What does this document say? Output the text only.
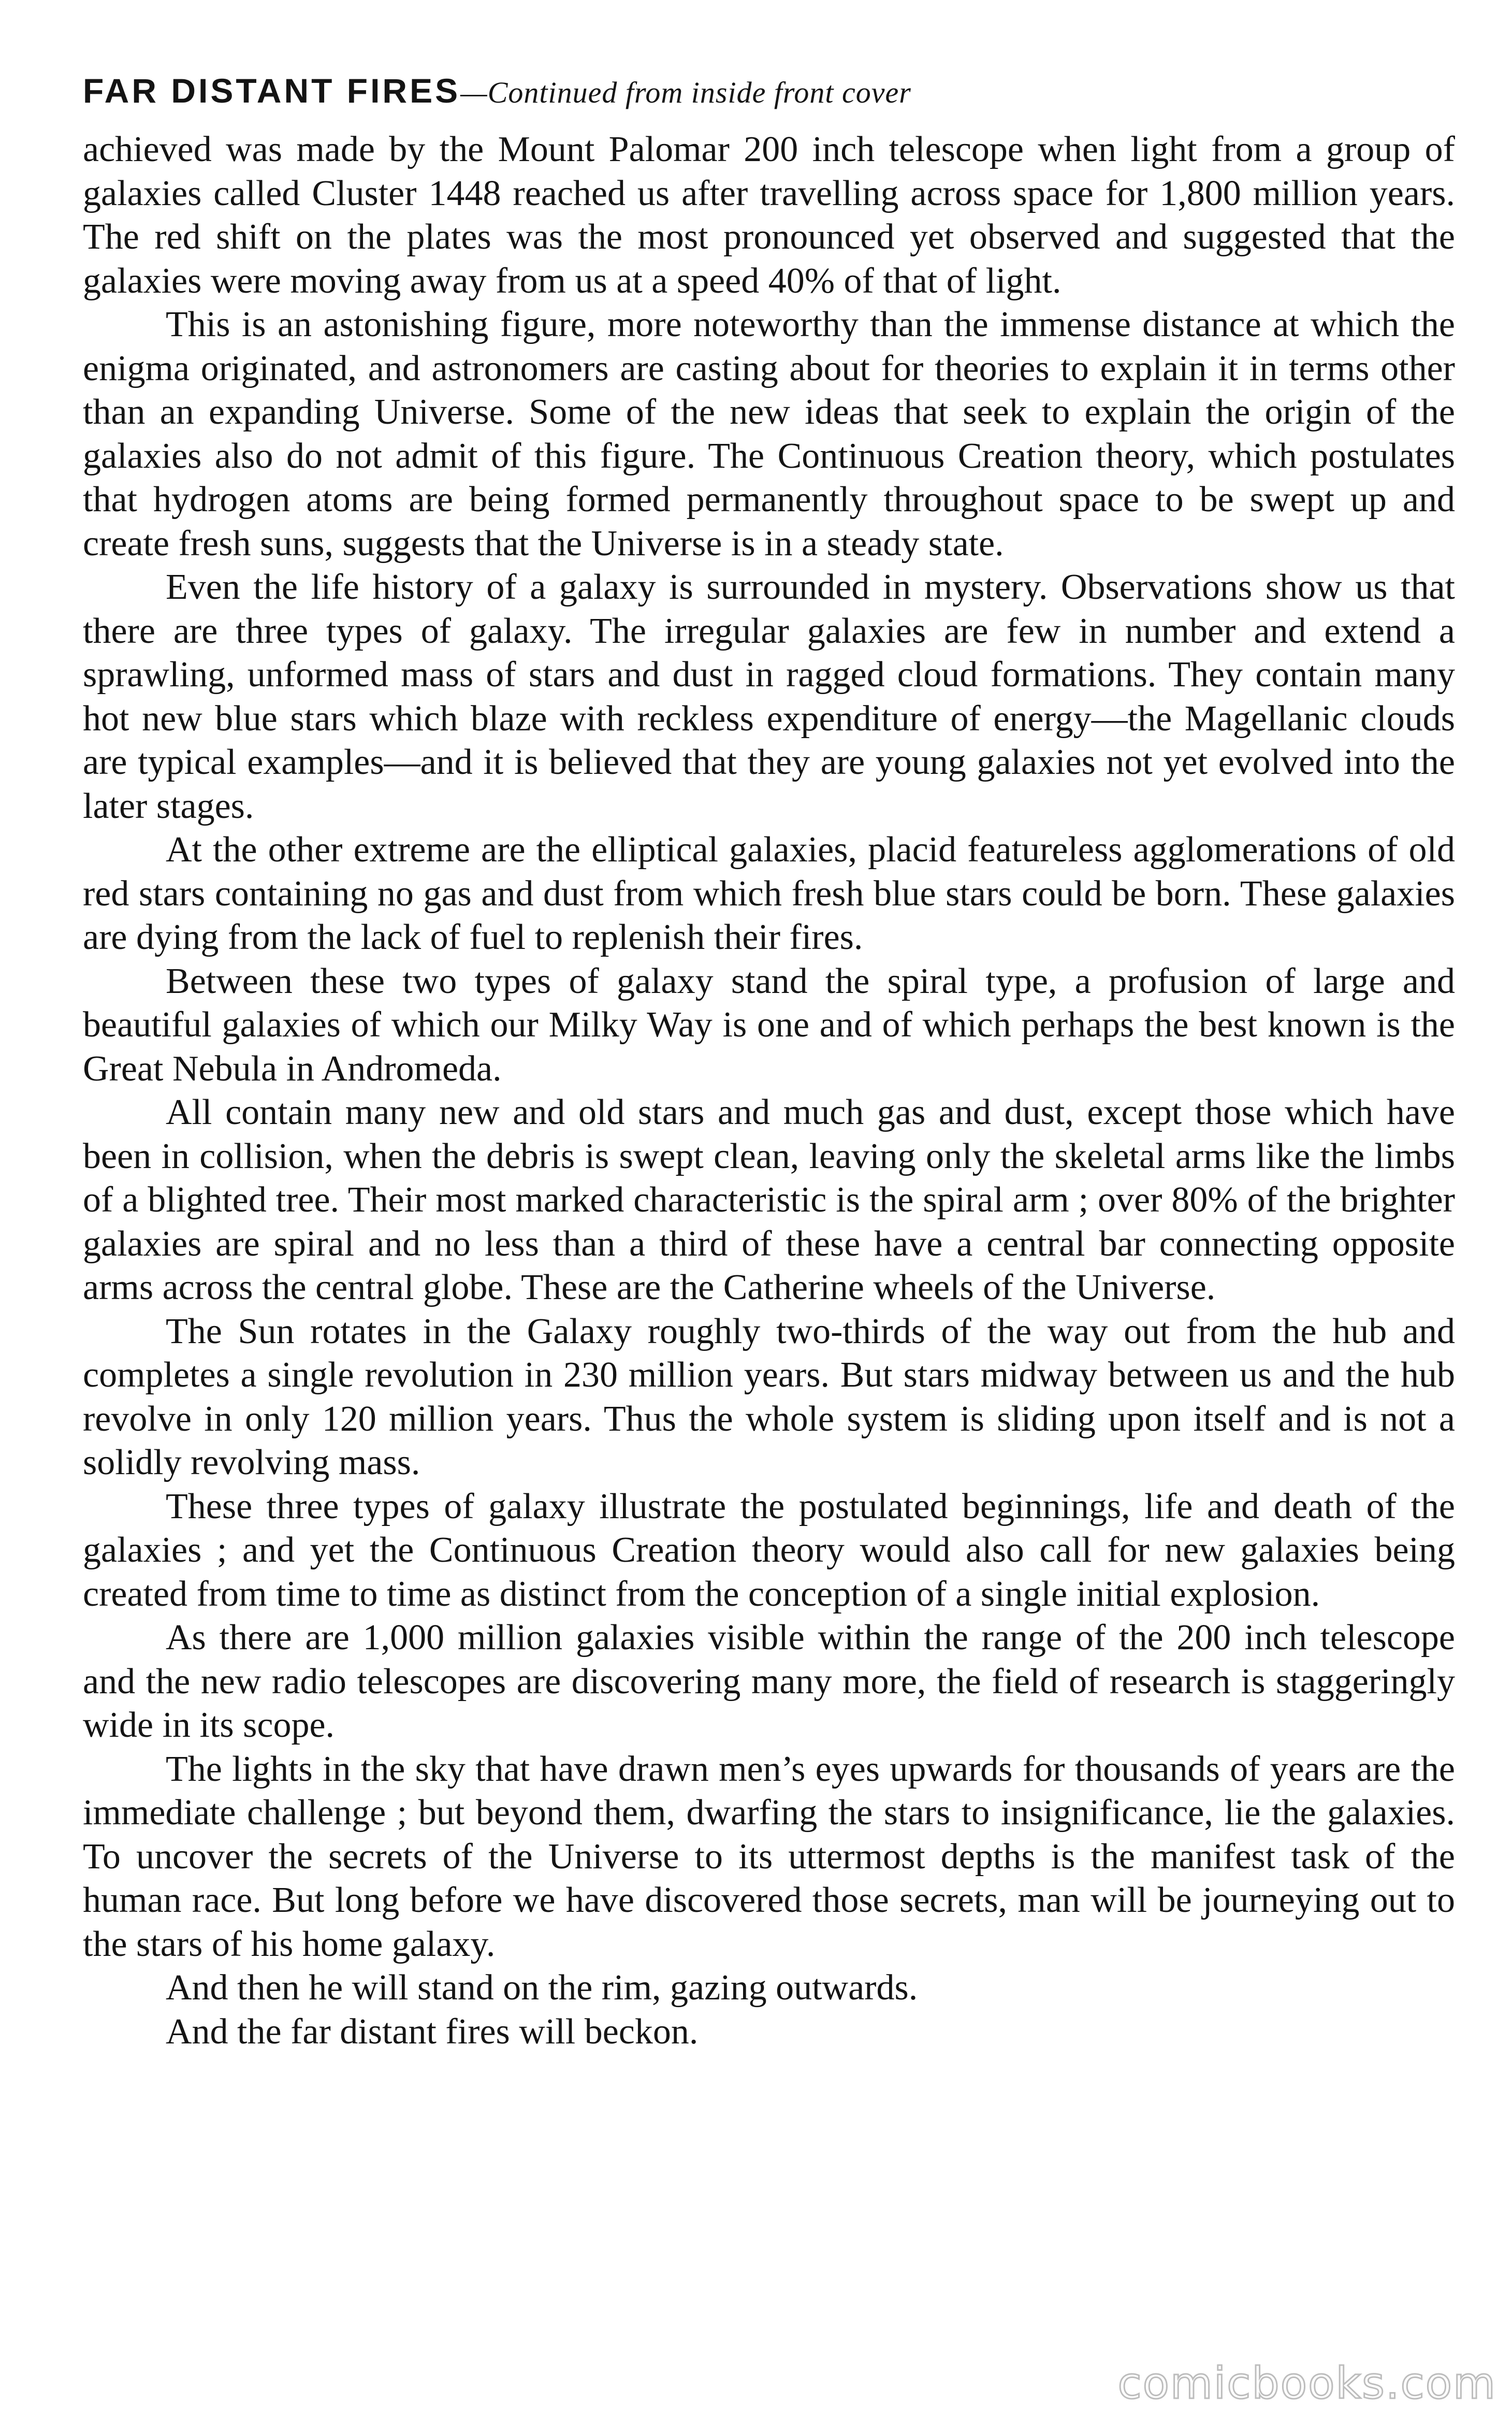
FAR DISTANT FIRES—Continued from inside front cover

achieved was made by the Mount Palomar 200 inch telescope when light from a group of galaxies called Cluster 1448 reached us after travelling across space for 1,800 million years. The red shift on the plates was the most pronounced yet observed and suggested that the galaxies were moving away from us at a speed 40% of that of light.

This is an astonishing figure, more noteworthy than the immense distance at which the enigma originated, and astronomers are casting about for theories to explain it in terms other than an expanding Universe. Some of the new ideas that seek to explain the origin of the galaxies also do not admit of this figure. The Continuous Creation theory, which postulates that hydrogen atoms are being formed permanently throughout space to be swept up and create fresh suns, suggests that the Universe is in a steady state.

Even the life history of a galaxy is surrounded in mystery. Observations show us that there are three types of galaxy. The irregular galaxies are few in number and extend a sprawling, unformed mass of stars and dust in ragged cloud formations. They contain many hot new blue stars which blaze with reckless expenditure of energy—the Magellanic clouds are typical examples—and it is believed that they are young galaxies not yet evolved into the later stages.

At the other extreme are the elliptical galaxies, placid featureless agglomerations of old red stars containing no gas and dust from which fresh blue stars could be born. These galaxies are dying from the lack of fuel to replenish their fires.

Between these two types of galaxy stand the spiral type, a profusion of large and beautiful galaxies of which our Milky Way is one and of which perhaps the best known is the Great Nebula in Andromeda.

All contain many new and old stars and much gas and dust, except those which have been in collision, when the debris is swept clean, leaving only the skeletal arms like the limbs of a blighted tree. Their most marked characteristic is the spiral arm ; over 80% of the brighter galaxies are spiral and no less than a third of these have a central bar connecting opposite arms across the central globe. These are the Catherine wheels of the Universe.

The Sun rotates in the Galaxy roughly two-thirds of the way out from the hub and completes a single revolution in 230 million years. But stars midway between us and the hub revolve in only 120 million years. Thus the whole system is sliding upon itself and is not a solidly revolving mass.

These three types of galaxy illustrate the postulated beginnings, life and death of the galaxies ; and yet the Continuous Creation theory would also call for new galaxies being created from time to time as distinct from the conception of a single initial explosion.

As there are 1,000 million galaxies visible within the range of the 200 inch telescope and the new radio telescopes are discovering many more, the field of research is staggeringly wide in its scope.

The lights in the sky that have drawn men’s eyes upwards for thousands of years are the immediate challenge ; but beyond them, dwarfing the stars to insignificance, lie the galaxies. To uncover the secrets of the Universe to its uttermost depths is the manifest task of the human race. But long before we have discovered those secrets, man will be journeying out to the stars of his home galaxy.

And then he will stand on the rim, gazing outwards.

And the far distant fires will beckon.

comicbooks.com
